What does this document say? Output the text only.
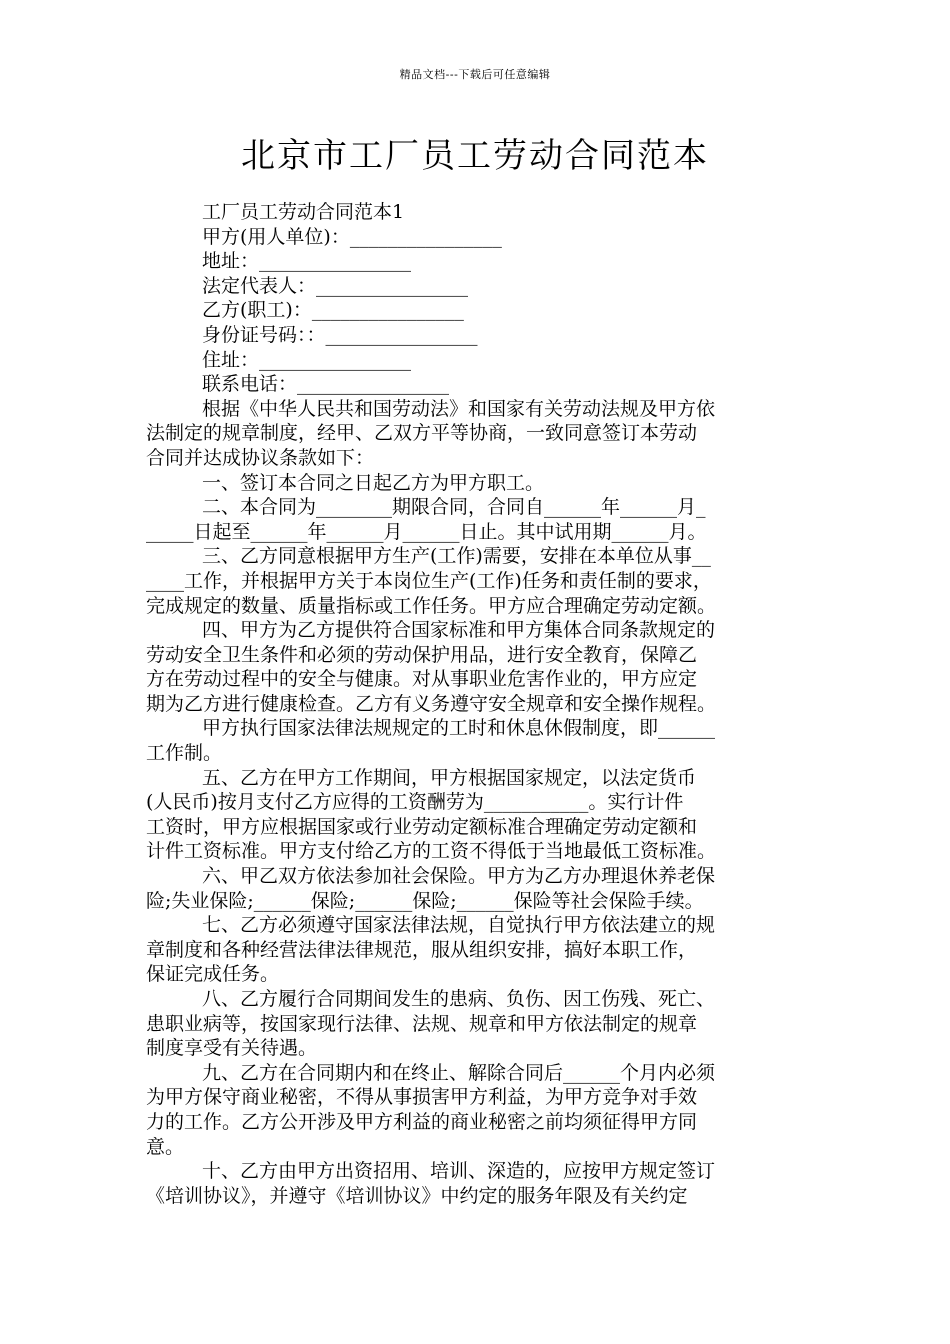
精品文档---下载后可任意编辑
北京市工厂员工劳动合同范本
工厂员工劳动合同范本1
甲方(用人单位)：________________
地址：________________
法定代表人：________________
乙方(职工)：________________
身份证号码：：________________
住址：________________
联系电话：________________
根据《中华人民共和国劳动法》和国家有关劳动法规及甲方依
法制定的规章制度，经甲、乙双方平等协商，一致同意签订本劳动
合同并达成协议条款如下：
一、签订本合同之日起乙方为甲方职工。
二、本合同为________期限合同，合同自______年______月_
_____日起至______年______月______日止。其中试用期______月。
三、乙方同意根据甲方生产(工作)需要，安排在本单位从事__
____工作，并根据甲方关于本岗位生产(工作)任务和责任制的要求，
完成规定的数量、质量指标或工作任务。甲方应合理确定劳动定额。
四、甲方为乙方提供符合国家标准和甲方集体合同条款规定的
劳动安全卫生条件和必须的劳动保护用品，进行安全教育，保障乙
方在劳动过程中的安全与健康。对从事职业危害作业的，甲方应定
期为乙方进行健康检查。乙方有义务遵守安全规章和安全操作规程。
甲方执行国家法律法规规定的工时和休息休假制度，即______
工作制。
五、乙方在甲方工作期间，甲方根据国家规定，以法定货币
(人民币)按月支付乙方应得的工资酬劳为___________。实行计件
工资时，甲方应根据国家或行业劳动定额标准合理确定劳动定额和
计件工资标准。甲方支付给乙方的工资不得低于当地最低工资标准。
六、甲乙双方依法参加社会保险。甲方为乙方办理退休养老保
险;失业保险;______保险;______保险;______保险等社会保险手续。
七、乙方必须遵守国家法律法规，自觉执行甲方依法建立的规
章制度和各种经营法律法律规范，服从组织安排，搞好本职工作，
保证完成任务。
八、乙方履行合同期间发生的患病、负伤、因工伤残、死亡、
患职业病等，按国家现行法律、法规、规章和甲方依法制定的规章
制度享受有关待遇。
九、乙方在合同期内和在终止、解除合同后______个月内必须
为甲方保守商业秘密，不得从事损害甲方利益，为甲方竞争对手效
力的工作。乙方公开涉及甲方利益的商业秘密之前均须征得甲方同
意。
十、乙方由甲方出资招用、培训、深造的，应按甲方规定签订
《培训协议》，并遵守《培训协议》中约定的服务年限及有关约定
